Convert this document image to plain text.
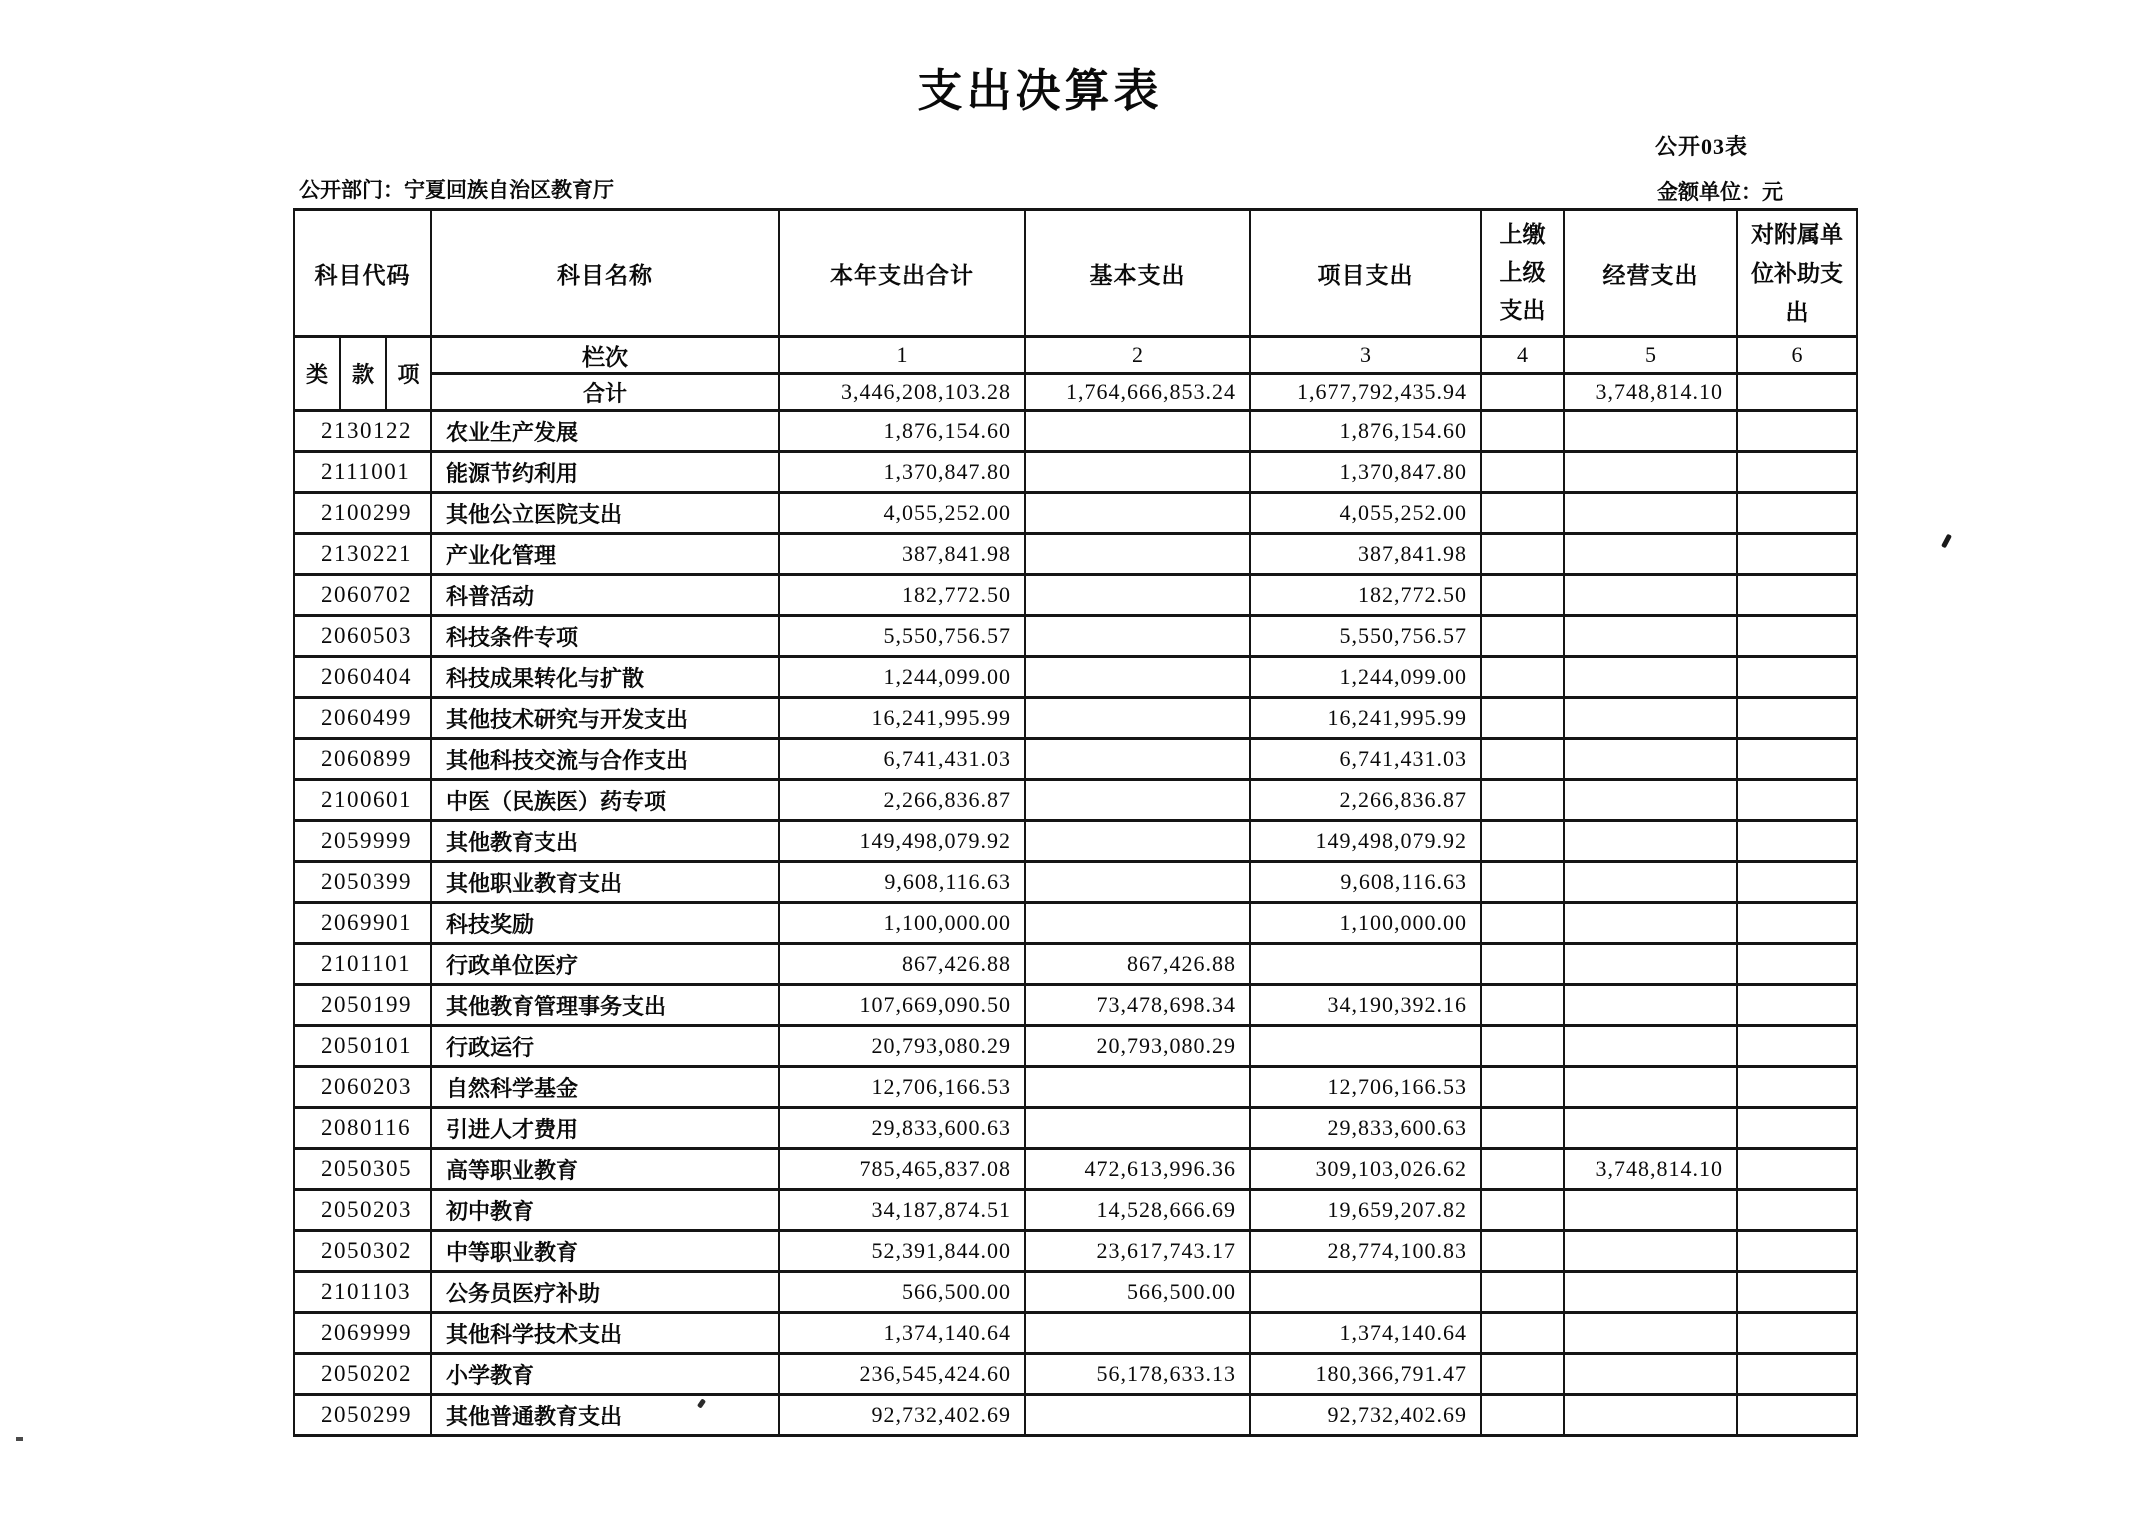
支出决算表
公开03表
公开部门：宁夏回族自治区教育厅	金额单位：元
科目代码			科目名称	本年支出合计	基本支出	项目支出	上缴上级支出	经营支出	对附属单位补助支出
类	款	项	栏次	1	2	3	4	5	6
			合计	3,446,208,103.28	1,764,666,853.24	1,677,792,435.94		3,748,814.10	
2130122			农业生产发展	1,876,154.60		1,876,154.60			
2111001			能源节约利用	1,370,847.80		1,370,847.80			
2100299			其他公立医院支出	4,055,252.00		4,055,252.00			
2130221			产业化管理	387,841.98		387,841.98			
2060702			科普活动	182,772.50		182,772.50			
2060503			科技条件专项	5,550,756.57		5,550,756.57			
2060404			科技成果转化与扩散	1,244,099.00		1,244,099.00			
2060499			其他技术研究与开发支出	16,241,995.99		16,241,995.99			
2060899			其他科技交流与合作支出	6,741,431.03		6,741,431.03			
2100601			中医（民族医）药专项	2,266,836.87		2,266,836.87			
2059999			其他教育支出	149,498,079.92		149,498,079.92			
2050399			其他职业教育支出	9,608,116.63		9,608,116.63			
2069901			科技奖励	1,100,000.00		1,100,000.00			
2101101			行政单位医疗	867,426.88	867,426.88				
2050199			其他教育管理事务支出	107,669,090.50	73,478,698.34	34,190,392.16			
2050101			行政运行	20,793,080.29	20,793,080.29				
2060203			自然科学基金	12,706,166.53		12,706,166.53			
2080116			引进人才费用	29,833,600.63		29,833,600.63			
2050305			高等职业教育	785,465,837.08	472,613,996.36	309,103,026.62		3,748,814.10	
2050203			初中教育	34,187,874.51	14,528,666.69	19,659,207.82			
2050302			中等职业教育	52,391,844.00	23,617,743.17	28,774,100.83			
2101103			公务员医疗补助	566,500.00	566,500.00				
2069999			其他科学技术支出	1,374,140.64		1,374,140.64			
2050202			小学教育	236,545,424.60	56,178,633.13	180,366,791.47			
2050299			其他普通教育支出	92,732,402.69		92,732,402.69			
